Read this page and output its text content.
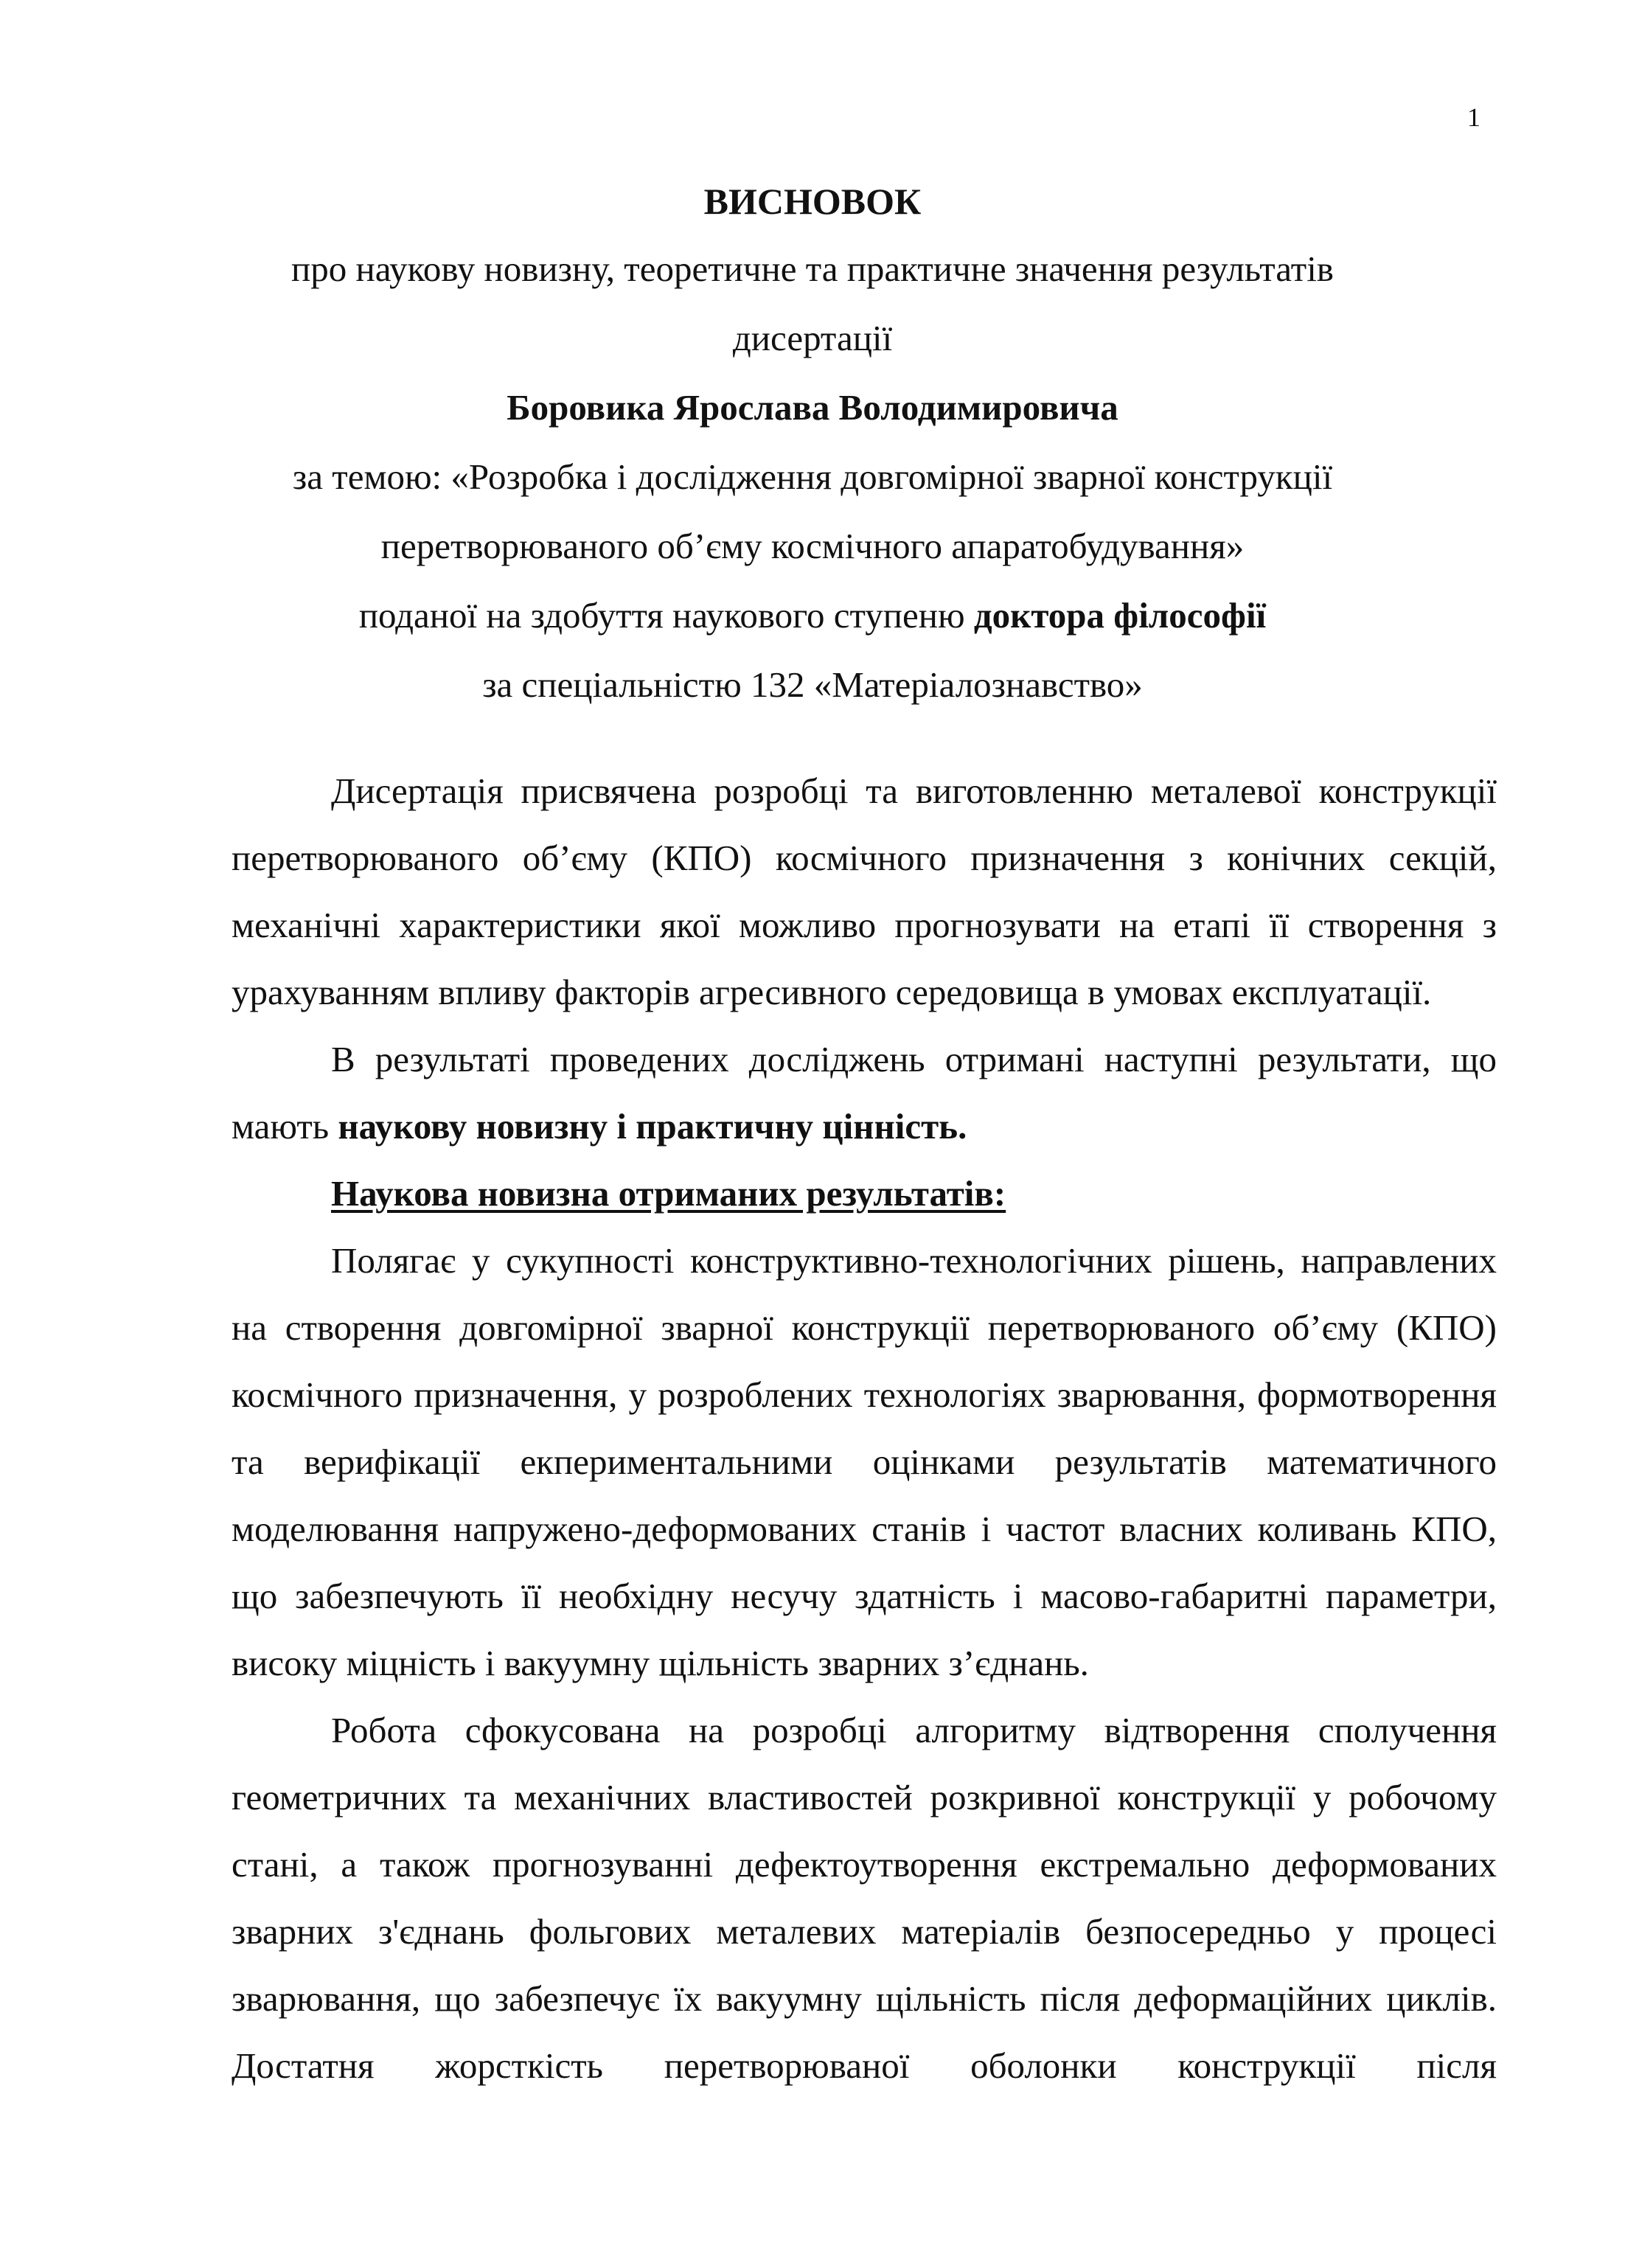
1
ВИСНОВОК
про наукову новизну, теоретичне та практичне значення результатів
дисертації
Боровика Ярослава Володимировича
за темою: «Розробка і дослідження довгомірної зварної конструкції
перетворюваного об’єму космічного апаратобудування»
поданої на здобуття наукового ступеню доктора філософії
за спеціальністю 132 «Матеріалознавство»

Дисертація присвячена розробці та виготовленню металевої конструкції перетворюваного об’єму (КПО) космічного призначення з конічних секцій, механічні характеристики якої можливо прогнозувати на етапі її створення з урахуванням впливу факторів агресивного середовища в умовах експлуатації.

В результаті проведених досліджень отримані наступні результати, що мають наукову новизну і практичну цінність.

Наукова новизна отриманих результатів:

Полягає у сукупності конструктивно-технологічних рішень, направлених на створення довгомірної зварної конструкції перетворюваного об’єму (КПО) космічного призначення, у розроблених технологіях зварювання, формотворення та верифікації екпериментальними оцінками результатів математичного моделювання напружено-деформованих станів і частот власних коливань КПО, що забезпечують її необхідну несучу здатність і масово-габаритні параметри, високу міцність і вакуумну щільність зварних з’єднань.

Робота сфокусована на розробці алгоритму відтворення сполучення геометричних та механічних властивостей розкривної конструкції у робочому стані, а також прогнозуванні дефектоутворення екстремально деформованих зварних з'єднань фольгових металевих матеріалів безпосередньо у процесі зварювання, що забезпечує їх вакуумну щільність після деформаційних циклів. Достатня жорсткість перетворюваної оболонки конструкції після
